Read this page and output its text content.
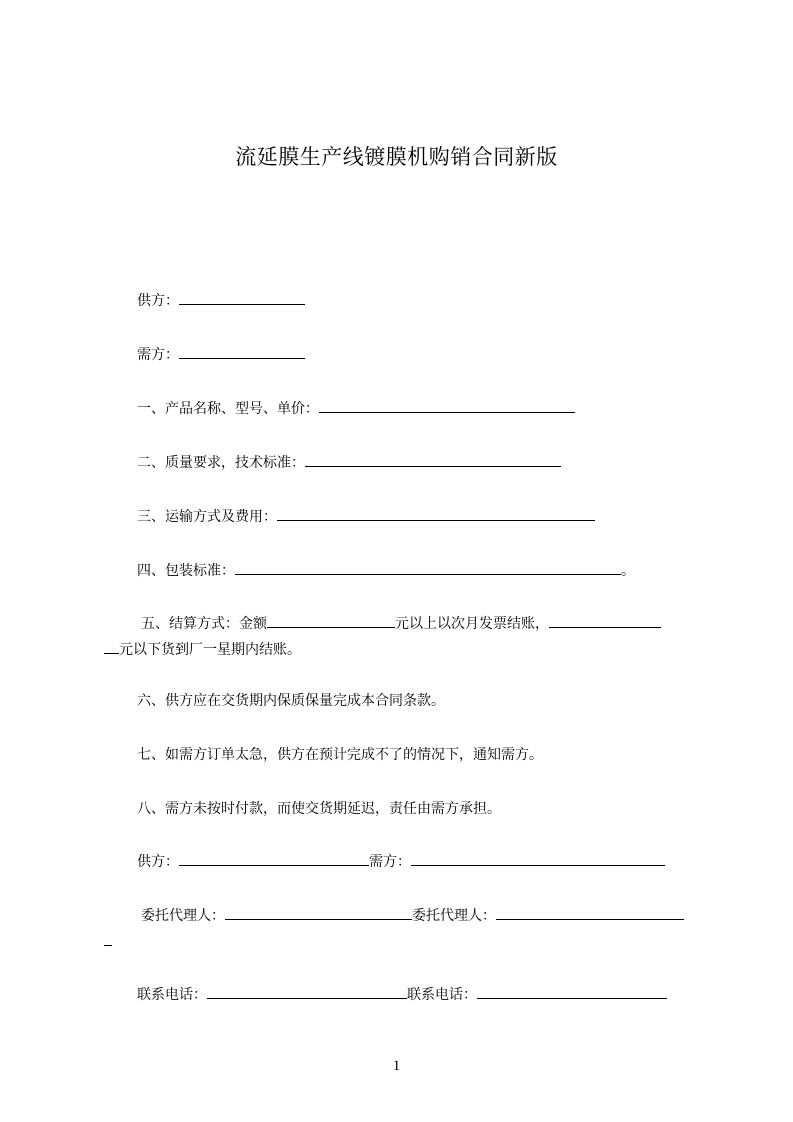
流延膜生产线镀膜机购销合同新版
供方：
需方：
一、产品名称、型号、单价：
二、质量要求，技术标准：
三、运输方式及费用：
四、包装标准：	。
五、结算方式：金额	元以上以次月发票结账，
元以下货到厂一星期内结账。
六、供方应在交货期内保质保量完成本合同条款。
七、如需方订单太急，供方在预计完成不了的情况下，通知需方。
八、需方未按时付款，而使交货期延迟，责任由需方承担。
供方：	需方：
委托代理人：	委托代理人：
联系电话：	联系电话：
1
